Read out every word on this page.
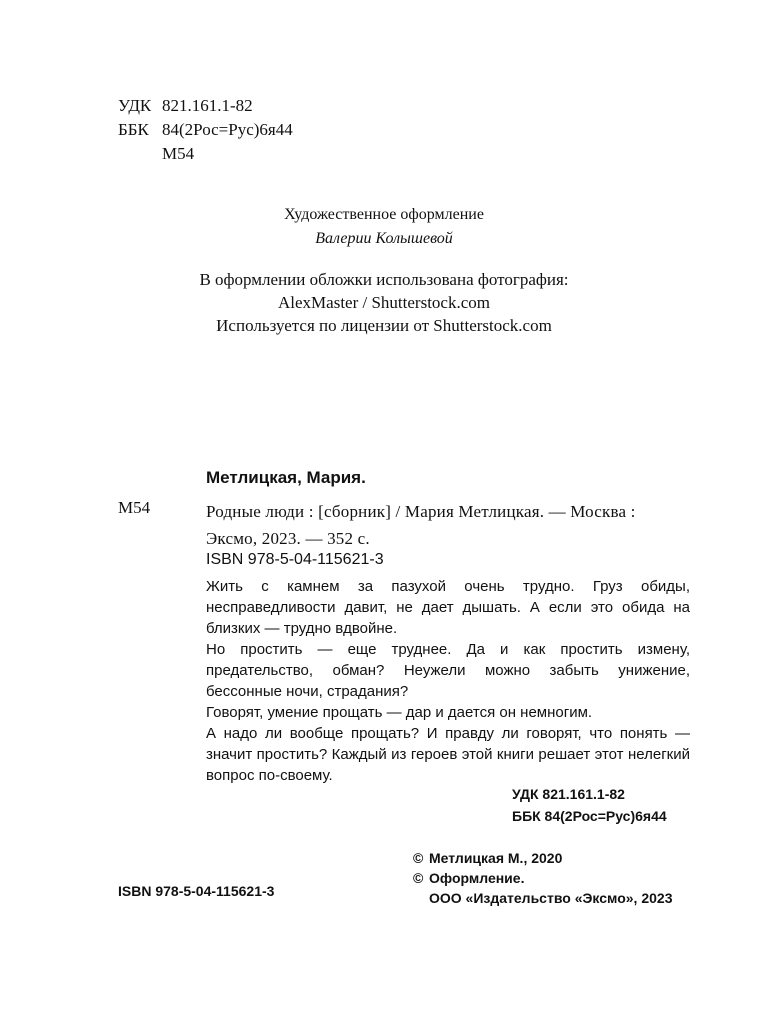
УДК 821.161.1-82
ББК 84(2Рос=Рус)6я44
М54
Художественное оформление
Валерии Колышевой
В оформлении обложки использована фотография:
AlexMaster / Shutterstock.com
Используется по лицензии от Shutterstock.com
Метлицкая, Мария.
М54	Родные люди : [сборник] / Мария Метлицкая. — Москва : Эксмо, 2023. — 352 с.
ISBN 978-5-04-115621-3

Жить с камнем за пазухой очень трудно. Груз обиды, несправедливости давит, не дает дышать. А если это обида на близких — трудно вдвойне.

Но простить — еще труднее. Да и как простить измену, предательство, обман? Неужели можно забыть унижение, бессонные ночи, страдания?

Говорят, умение прощать — дар и дается он немногим.

А надо ли вообще прощать? И правду ли говорят, что понять — значит простить? Каждый из героев этой книги решает этот нелегкий вопрос по-своему.

УДК 821.161.1-82
ББК 84(2Рос=Рус)6я44
© Метлицкая М., 2020
© Оформление.
ООО «Издательство «Эксмо», 2023
ISBN 978-5-04-115621-3
